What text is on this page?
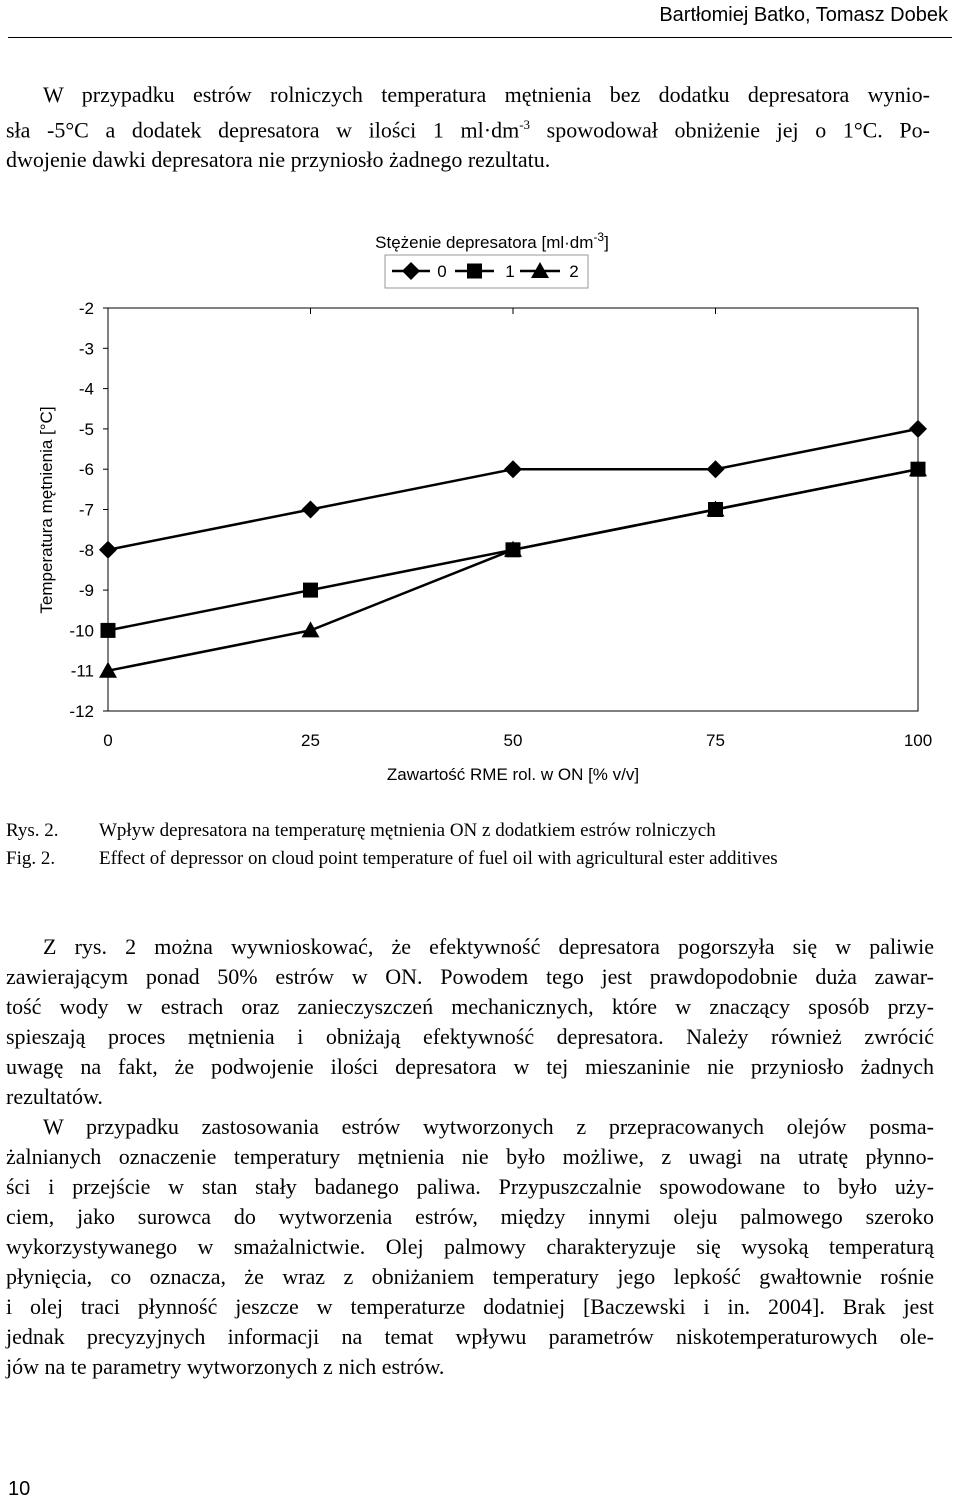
Bartłomiej Batko, Tomasz Dobek
W przypadku estrów rolniczych temperatura mętnienia bez dodatku depresatora wynio-
sła -5°C a dodatek depresatora w ilości 1 $ml\cdot dm^{-3}$ spowodował obniżenie jej o 1°C. Po-
dwojenie dawki depresatora nie przyniosło żadnego rezultatu.
0	25	50	75	100
-2
-3
-4
-5
-6
-7
-8
-9
-10
-11
-12
Zawartość RME rol. w ON [% v/v]
Temperatura mętnienia [°C]
Stężenie depresatora $[ml\cdot dm^{-3}]$
0	1	2
Rys. 2.	Wpływ depresatora na temperaturę mętnienia ON z dodatkiem estrów rolniczych
Fig. 2.	Effect of depressor on cloud point temperature of fuel oil with agricultural ester additives
Z rys. 2 można wywnioskować, że efektywność depresatora pogorszyła się w paliwie
zawierającym ponad 50% estrów w ON. Powodem tego jest prawdopodobnie duża zawar-
tość wody w estrach oraz zanieczyszczeń mechanicznych, które w znaczący sposób przy-
spieszają proces mętnienia i obniżają efektywność depresatora. Należy również zwrócić
uwagę na fakt, że podwojenie ilości depresatora w tej mieszaninie nie przyniosło żadnych
rezultatów.
W przypadku zastosowania estrów wytworzonych z przepracowanych olejów posma-
żalnianych oznaczenie temperatury mętnienia nie było możliwe, z uwagi na utratę płynno-
ści i przejście w stan stały badanego paliwa. Przypuszczalnie spowodowane to było uży-
ciem, jako surowca do wytworzenia estrów, między innymi oleju palmowego szeroko
wykorzystywanego w smażalnictwie. Olej palmowy charakteryzuje się wysoką temperaturą
płynięcia, co oznacza, że wraz z obniżaniem temperatury jego lepkość gwałtownie rośnie
i olej traci płynność jeszcze w temperaturze dodatniej [Baczewski i in. 2004]. Brak jest
jednak precyzyjnych informacji na temat wpływu parametrów niskotemperaturowych ole-
jów na te parametry wytworzonych z nich estrów.
10
